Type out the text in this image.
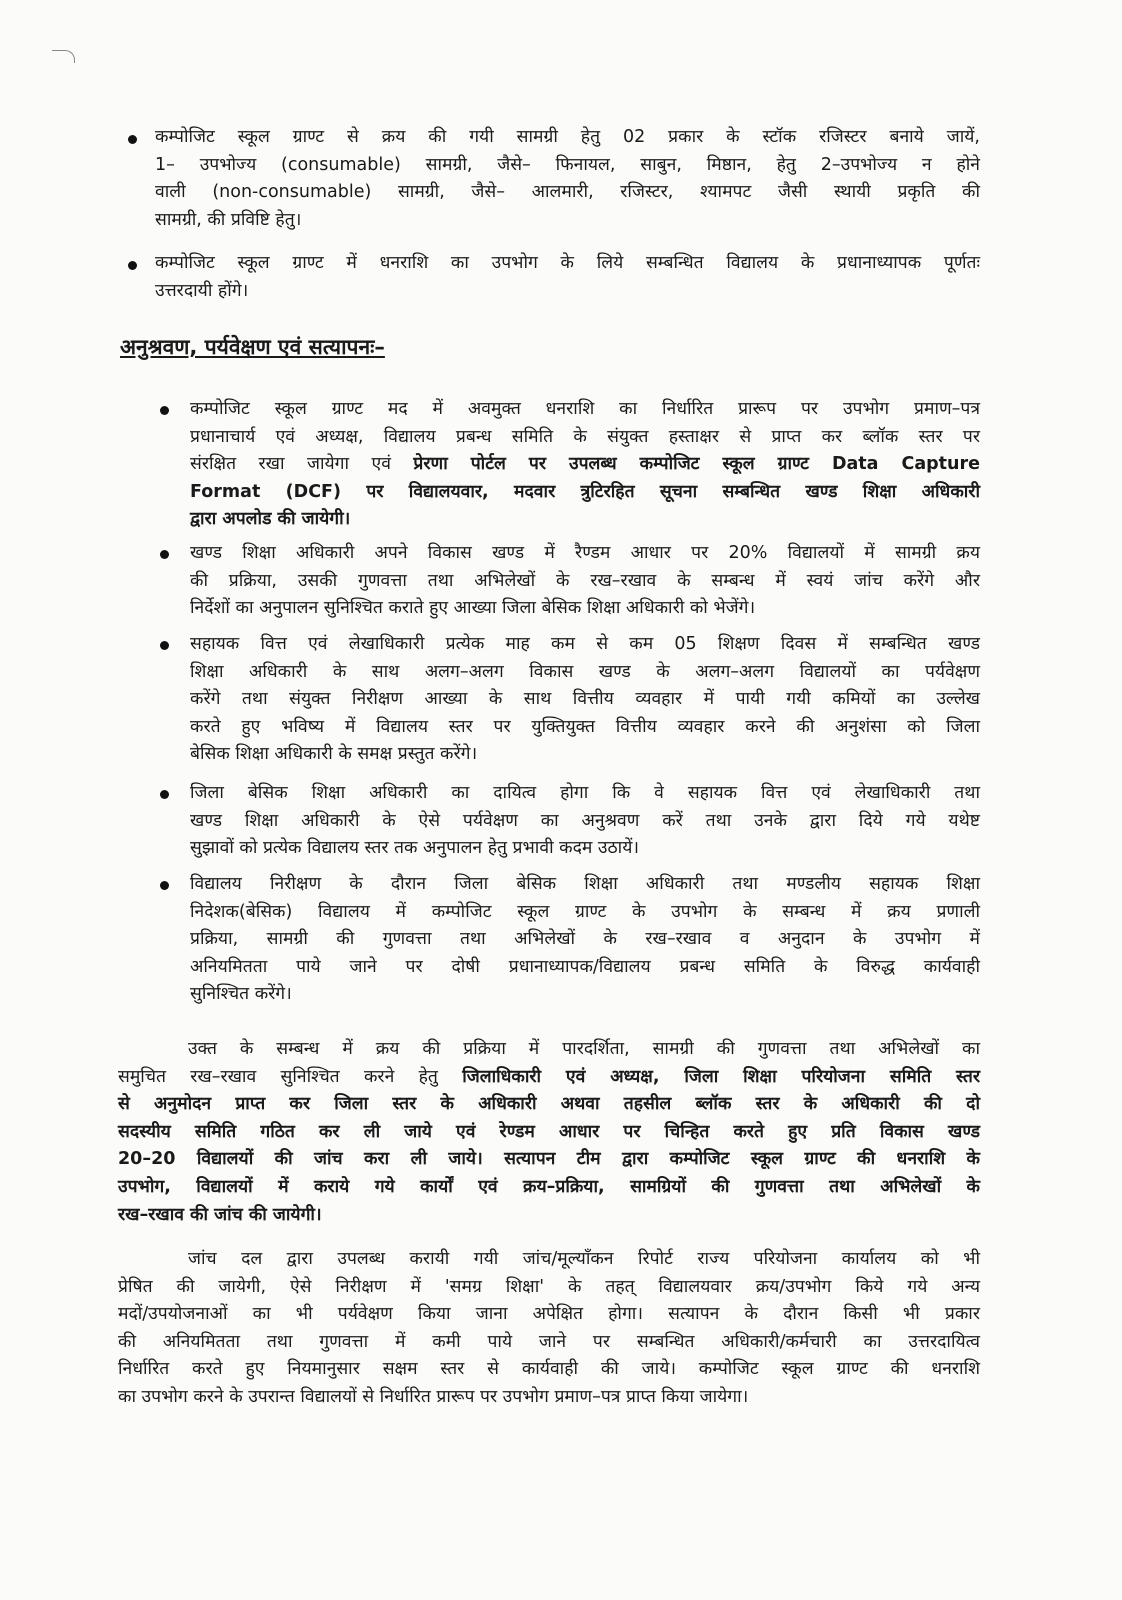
कम्पोजिट स्कूल ग्राण्ट से क्रय की गयी सामग्री हेतु 02 प्रकार के स्टॉक रजिस्टर बनाये जायें,
1– उपभोज्य (consumable) सामग्री, जैसे– फिनायल, साबुन, मिष्ठान, हेतु 2–उपभोज्य न होने
वाली (non-consumable) सामग्री, जैसे– आलमारी, रजिस्टर, श्यामपट जैसी स्थायी प्रकृति की
सामग्री, की प्रविष्टि हेतु।
कम्पोजिट स्कूल ग्राण्ट में धनराशि का उपभोग के लिये सम्बन्धित विद्यालय के प्रधानाध्यापक पूर्णतः
उत्तरदायी होंगे।
अनुश्रवण, पर्यवेक्षण एवं सत्यापनः–
कम्पोजिट स्कूल ग्राण्ट मद में अवमुक्त धनराशि का निर्धारित प्रारूप पर उपभोग प्रमाण–पत्र
प्रधानाचार्य एवं अध्यक्ष, विद्यालय प्रबन्ध समिति के संयुक्त हस्ताक्षर से प्राप्त कर ब्लॉक स्तर पर
संरक्षित रखा जायेगा एवं प्रेरणा पोर्टल पर उपलब्ध कम्पोजिट स्कूल ग्राण्ट Data Capture
Format (DCF) पर विद्यालयवार, मदवार त्रुटिरहित सूचना सम्बन्धित खण्ड शिक्षा अधिकारी
द्वारा अपलोड की जायेगी।
खण्ड शिक्षा अधिकारी अपने विकास खण्ड में रैण्डम आधार पर 20% विद्यालयों में सामग्री क्रय
की प्रक्रिया, उसकी गुणवत्ता तथा अभिलेखों के रख–रखाव के सम्बन्ध में स्वयं जांच करेंगे और
निर्देशों का अनुपालन सुनिश्चित कराते हुए आख्या जिला बेसिक शिक्षा अधिकारी को भेजेंगे।
सहायक वित्त एवं लेखाधिकारी प्रत्येक माह कम से कम 05 शिक्षण दिवस में सम्बन्धित खण्ड
शिक्षा अधिकारी के साथ अलग–अलग विकास खण्ड के अलग–अलग विद्यालयों का पर्यवेक्षण
करेंगे तथा संयुक्त निरीक्षण आख्या के साथ वित्तीय व्यवहार में पायी गयी कमियों का उल्लेख
करते हुए भविष्य में विद्यालय स्तर पर युक्तियुक्त वित्तीय व्यवहार करने की अनुशंसा को जिला
बेसिक शिक्षा अधिकारी के समक्ष प्रस्तुत करेंगे।
जिला बेसिक शिक्षा अधिकारी का दायित्व होगा कि वे सहायक वित्त एवं लेखाधिकारी तथा
खण्ड शिक्षा अधिकारी के ऐसे पर्यवेक्षण का अनुश्रवण करें तथा उनके द्वारा दिये गये यथेष्ट
सुझावों को प्रत्येक विद्यालय स्तर तक अनुपालन हेतु प्रभावी कदम उठायें।
विद्यालय निरीक्षण के दौरान जिला बेसिक शिक्षा अधिकारी तथा मण्डलीय सहायक शिक्षा
निदेशक(बेसिक) विद्यालय में कम्पोजिट स्कूल ग्राण्ट के उपभोग के सम्बन्ध में क्रय प्रणाली
प्रक्रिया, सामग्री की गुणवत्ता तथा अभिलेखों के रख–रखाव व अनुदान के उपभोग में
अनियमितता पाये जाने पर दोषी प्रधानाध्यापक/विद्यालय प्रबन्ध समिति के विरुद्ध कार्यवाही
सुनिश्चित करेंगे।
उक्त के सम्बन्ध में क्रय की प्रक्रिया में पारदर्शिता, सामग्री की गुणवत्ता तथा अभिलेखों का
समुचित रख–रखाव सुनिश्चित करने हेतु जिलाधिकारी एवं अध्यक्ष, जिला शिक्षा परियोजना समिति स्तर
से अनुमोदन प्राप्त कर जिला स्तर के अधिकारी अथवा तहसील ब्लॉक स्तर के अधिकारी की दो
सदस्यीय समिति गठित कर ली जाये एवं रेण्डम आधार पर चिन्हित करते हुए प्रति विकास खण्ड
20–20 विद्यालयों की जांच करा ली जाये। सत्यापन टीम द्वारा कम्पोजिट स्कूल ग्राण्ट की धनराशि के
उपभोग, विद्यालयों में कराये गये कार्यों एवं क्रय–प्रक्रिया, सामग्रियों की गुणवत्ता तथा अभिलेखों के
रख–रखाव की जांच की जायेगी।
जांच दल द्वारा उपलब्ध करायी गयी जांच/मूल्याँकन रिपोर्ट राज्य परियोजना कार्यालय को भी
प्रेषित की जायेगी, ऐसे निरीक्षण में 'समग्र शिक्षा' के तहत् विद्यालयवार क्रय/उपभोग किये गये अन्य
मदों/उपयोजनाओं का भी पर्यवेक्षण किया जाना अपेक्षित होगा। सत्यापन के दौरान किसी भी प्रकार
की अनियमितता तथा गुणवत्ता में कमी पाये जाने पर सम्बन्धित अधिकारी/कर्मचारी का उत्तरदायित्व
निर्धारित करते हुए नियमानुसार सक्षम स्तर से कार्यवाही की जाये। कम्पोजिट स्कूल ग्राण्ट की धनराशि
का उपभोग करने के उपरान्त विद्यालयों से निर्धारित प्रारूप पर उपभोग प्रमाण–पत्र प्राप्त किया जायेगा।
